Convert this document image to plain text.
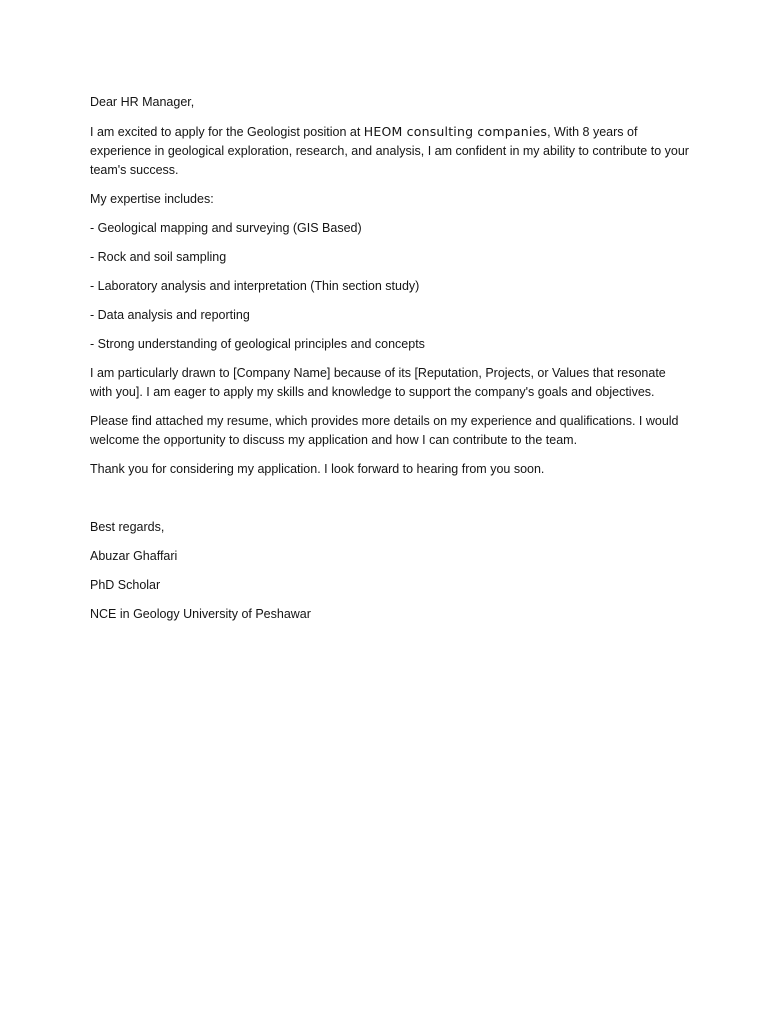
Dear HR Manager,

I am excited to apply for the Geologist position at HEOM consulting companies, With 8 years of experience in geological exploration, research, and analysis, I am confident in my ability to contribute to your team's success.

My expertise includes:

- Geological mapping and surveying (GIS Based)

- Rock and soil sampling

- Laboratory analysis and interpretation (Thin section study)

- Data analysis and reporting

- Strong understanding of geological principles and concepts

I am particularly drawn to [Company Name] because of its [Reputation, Projects, or Values that resonate with you]. I am eager to apply my skills and knowledge to support the company's goals and objectives.

Please find attached my resume, which provides more details on my experience and qualifications. I would welcome the opportunity to discuss my application and how I can contribute to the team.

Thank you for considering my application. I look forward to hearing from you soon.

Best regards,

Abuzar Ghaffari

PhD Scholar

NCE in Geology University of Peshawar
